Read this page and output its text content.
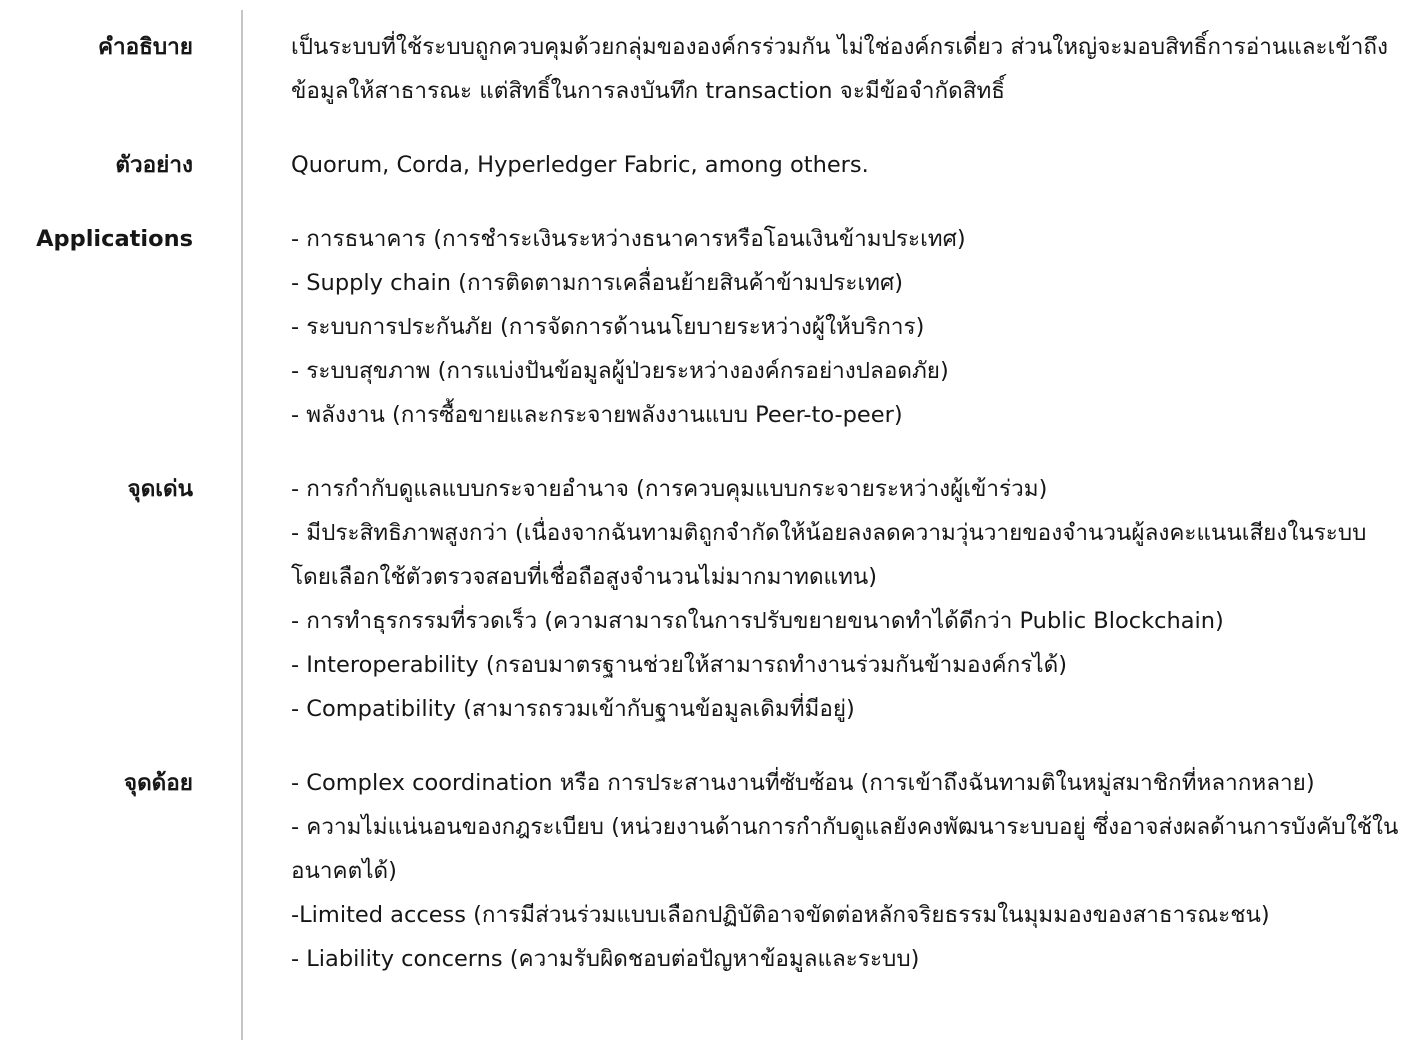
คำอธิบาย	เป็นระบบที่ใช้ระบบถูกควบคุมด้วยกลุ่มขององค์กรร่วมกัน ไม่ใช่องค์กรเดี่ยว ส่วนใหญ่จะมอบสิทธิ์การอ่านและเข้าถึงข้อมูลให้สาธารณะ แต่สิทธิ์ในการลงบันทึก transaction จะมีข้อจำกัดสิทธิ์
ตัวอย่าง	Quorum, Corda, Hyperledger Fabric, among others.
Applications	- การธนาคาร (การชำระเงินระหว่างธนาคารหรือโอนเงินข้ามประเทศ)
- Supply chain (การติดตามการเคลื่อนย้ายสินค้าข้ามประเทศ)
- ระบบการประกันภัย (การจัดการด้านนโยบายระหว่างผู้ให้บริการ)
- ระบบสุขภาพ (การแบ่งปันข้อมูลผู้ป่วยระหว่างองค์กรอย่างปลอดภัย)
- พลังงาน (การซื้อขายและกระจายพลังงานแบบ Peer-to-peer)
จุดเด่น	- การกำกับดูแลแบบกระจายอำนาจ (การควบคุมแบบกระจายระหว่างผู้เข้าร่วม)
- มีประสิทธิภาพสูงกว่า (เนื่องจากฉันทามติถูกจำกัดให้น้อยลงลดความวุ่นวายของจำนวนผู้ลงคะแนนเสียงในระบบโดยเลือกใช้ตัวตรวจสอบที่เชื่อถือสูงจำนวนไม่มากมาทดแทน)
- การทำธุรกรรมที่รวดเร็ว (ความสามารถในการปรับขยายขนาดทำได้ดีกว่า Public Blockchain)
- Interoperability (กรอบมาตรฐานช่วยให้สามารถทำงานร่วมกันข้ามองค์กรได้)
- Compatibility (สามารถรวมเข้ากับฐานข้อมูลเดิมที่มีอยู่)
จุดด้อย	- Complex coordination หรือ การประสานงานที่ซับซ้อน (การเข้าถึงฉันทามติในหมู่สมาชิกที่หลากหลาย)
- ความไม่แน่นอนของกฎระเบียบ (หน่วยงานด้านการกำกับดูแลยังคงพัฒนาระบบอยู่ ซึ่งอาจส่งผลด้านการบังคับใช้ในอนาคตได้)
-Limited access (การมีส่วนร่วมแบบเลือกปฏิบัติอาจขัดต่อหลักจริยธรรมในมุมมองของสาธารณะชน)
- Liability concerns (ความรับผิดชอบต่อปัญหาข้อมูลและระบบ)
